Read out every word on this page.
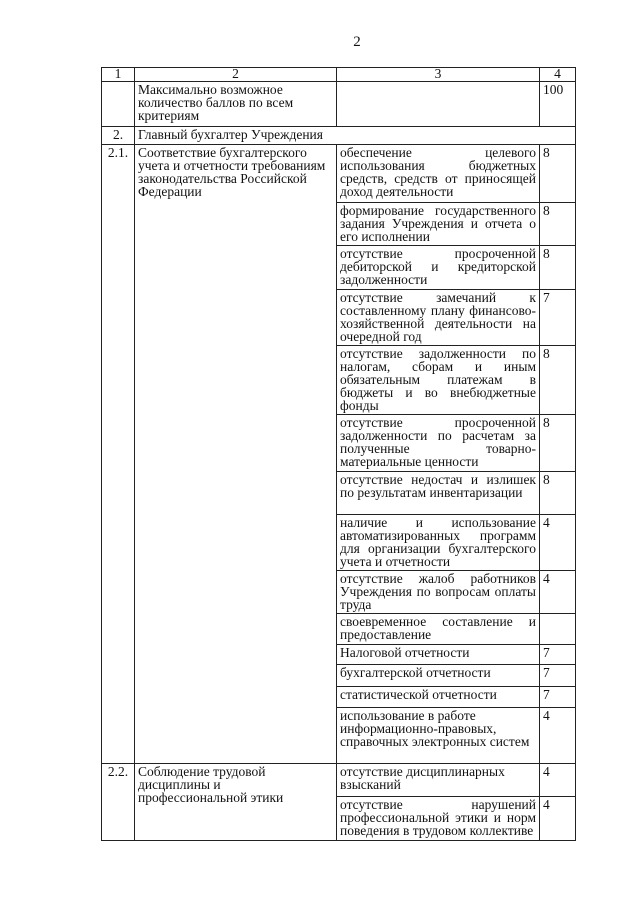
2
1	2	3	4
	Максимально возможное количество баллов по всем критериям		100
2.	Главный бухгалтер Учреждения		
2.1.	Соответствие бухгалтерского учета и отчетности требованиям законодательства Российской Федерации	обеспечение целевого использования бюджетных средств, средств от приносящей доход деятельности	8
		формирование государственного задания Учреждения и отчета о его исполнении	8
		отсутствие просроченной дебиторской и кредиторской задолженности	8
		отсутствие замечаний к составленному плану финансово-хозяйственной деятельности на очередной год	7
		отсутствие задолженности по налогам, сборам и иным обязательным платежам в бюджеты и во внебюджетные фонды	8
		отсутствие просроченной задолженности по расчетам за полученные товарно-материальные ценности	8
		отсутствие недостач и излишек по результатам инвентаризации	8
		наличие и использование автоматизированных программ для организации бухгалтерского учета и отчетности	4
		отсутствие жалоб работников Учреждения по вопросам оплаты труда	4
		своевременное составление и предоставление	
		Налоговой отчетности	7
		бухгалтерской отчетности	7
		статистической отчетности	7
		использование в работе информационно-правовых, справочных электронных систем	4
2.2.	Соблюдение трудовой дисциплины и профессиональной этики	отсутствие дисциплинарных взысканий	4
		отсутствие нарушений профессиональной этики и норм поведения в трудовом коллективе	4
